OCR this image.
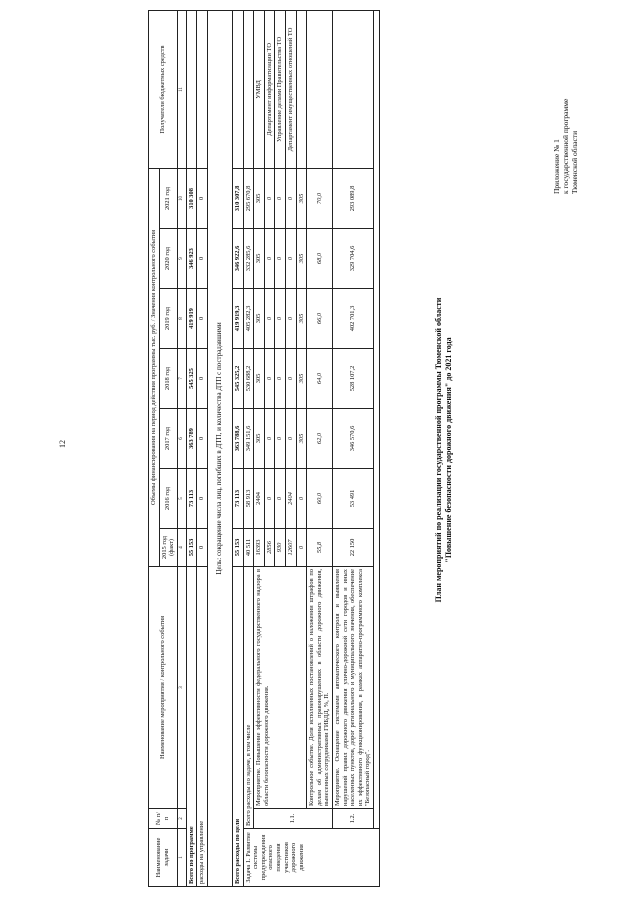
12
Приложение № 1 к государственной программе Тюменской области
План мероприятий по реализации государственной программы Тюменской области "Повышение безопасности дорожного движения" до 2021 года
Наименование задачи	№ п/п	Наименование мероприятия / контрольного события	Объемы финансирования на период действия программы тыс. руб. / Значения контрольного события							Получатели бюджетных средств
			2015 год (факт)	2016 год	2017 год	2018 год	2019 год	2020 год	2021 год	
1	2	3	4	5	6	7	8	9	10	11
Всего по программе			55 153	73 113	363 789	545 325	419 919	346 923	310 308	
расходы на управление			0	0	0	0	0	0	0	
Цель: сокращение числа лиц, погибших в ДТП, и количества ДТП с пострадавшими										
Всего расходы по цели			55 153	73 113	363 788,6	545 325,2	419 919,3	346 922,6	310 307,8	
Задача 1. Развитие системы предупреждения опасного поведения участников дорожного движения	Всего расходы по задаче, в том числе		40 511	58 913	349 151,6	530 688,2	405 282,3	332 285,6	295 670,8	
	1.1.	Мероприятие. Повышение эффективности федерального государственного надзора в области безопасности дорожного движения.	16393	2404	305	305	305	305	305	УМВД
			2856	0	0	0	0	0	0	Департамент информатизации ТО
			930	0	0	0	0	0	0	Управление делами Правительства ТО
			12607	2404	0	0	0	0	0	Департамент имущественных отношений ТО
			0	0	305	305	305	305	305	
		Контрольное событие. Доля исполненных постановлений о наложении штрафов по делам об административных правонарушениях в области дорожного движения, вынесенных сотрудниками ГИБДД, %, П.	55,8	60,0	62,0	64,0	66,0	68,0	70,0	
	1.2.	Мероприятие. Оснащение системами автоматического контроля и выявления нарушений правил дорожного движения улично-дорожной сети городов и иных населенных пунктов, дорог регионального и муниципального значения, обеспечение их эффективного функционирования, в рамках аппаратно-программного комплекса "Безопасный город".	22 150	53 491	346 570,6	528 107,2	402 701,3	329 704,6	293 089,8	
